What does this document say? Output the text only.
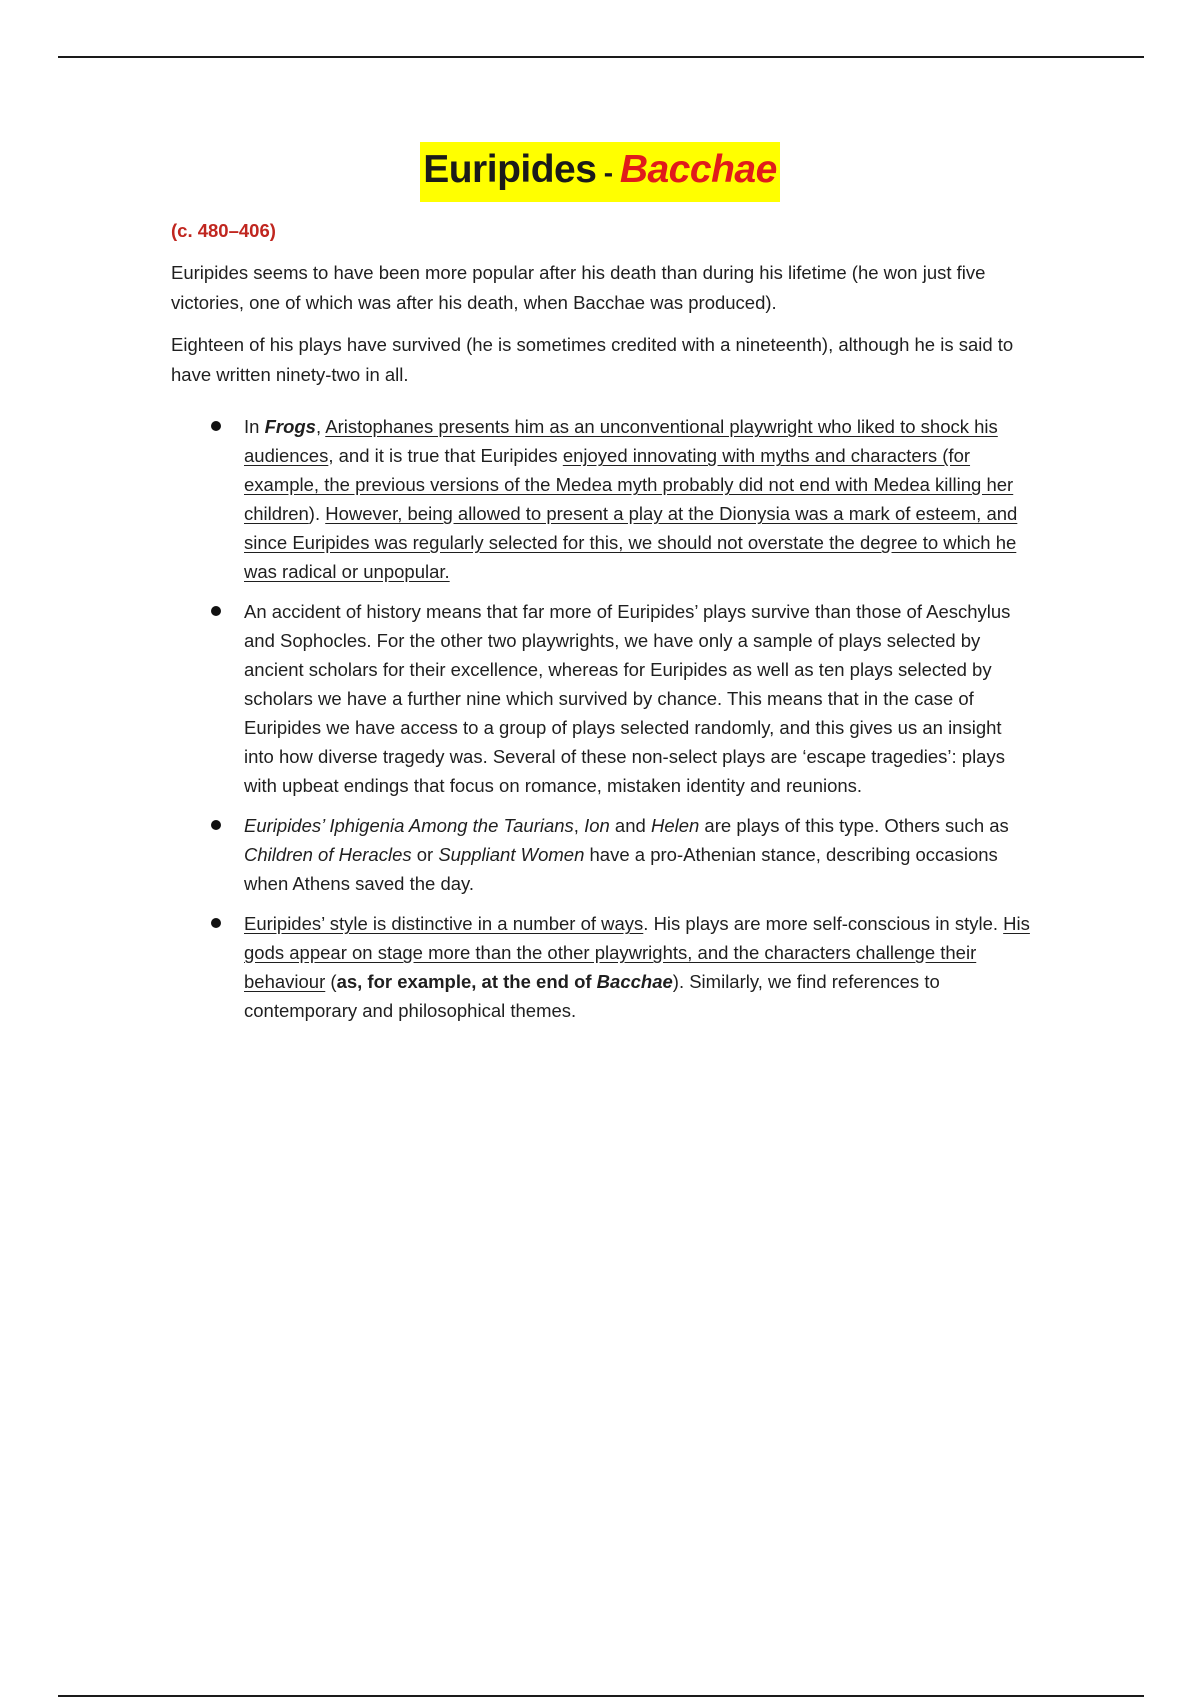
Euripides - Bacchae

(c. 480–406)

Euripides seems to have been more popular after his death than during his lifetime (he won just five victories, one of which was after his death, when Bacchae was produced).

Eighteen of his plays have survived (he is sometimes credited with a nineteenth), although he is said to have written ninety-two in all.

In Frogs, Aristophanes presents him as an unconventional playwright who liked to shock his audiences, and it is true that Euripides enjoyed innovating with myths and characters (for example, the previous versions of the Medea myth probably did not end with Medea killing her children). However, being allowed to present a play at the Dionysia was a mark of esteem, and since Euripides was regularly selected for this, we should not overstate the degree to which he was radical or unpopular.
An accident of history means that far more of Euripides’ plays survive than those of Aeschylus and Sophocles. For the other two playwrights, we have only a sample of plays selected by ancient scholars for their excellence, whereas for Euripides as well as ten plays selected by scholars we have a further nine which survived by chance. This means that in the case of Euripides we have access to a group of plays selected randomly, and this gives us an insight into how diverse tragedy was. Several of these non-select plays are ‘escape tragedies’: plays with upbeat endings that focus on romance, mistaken identity and reunions.
Euripides’ Iphigenia Among the Taurians, Ion and Helen are plays of this type. Others such as Children of Heracles or Suppliant Women have a pro-Athenian stance, describing occasions when Athens saved the day.
Euripides’ style is distinctive in a number of ways. His plays are more self-conscious in style. His gods appear on stage more than the other playwrights, and the characters challenge their behaviour (as, for example, at the end of Bacchae). Similarly, we find references to contemporary and philosophical themes.
